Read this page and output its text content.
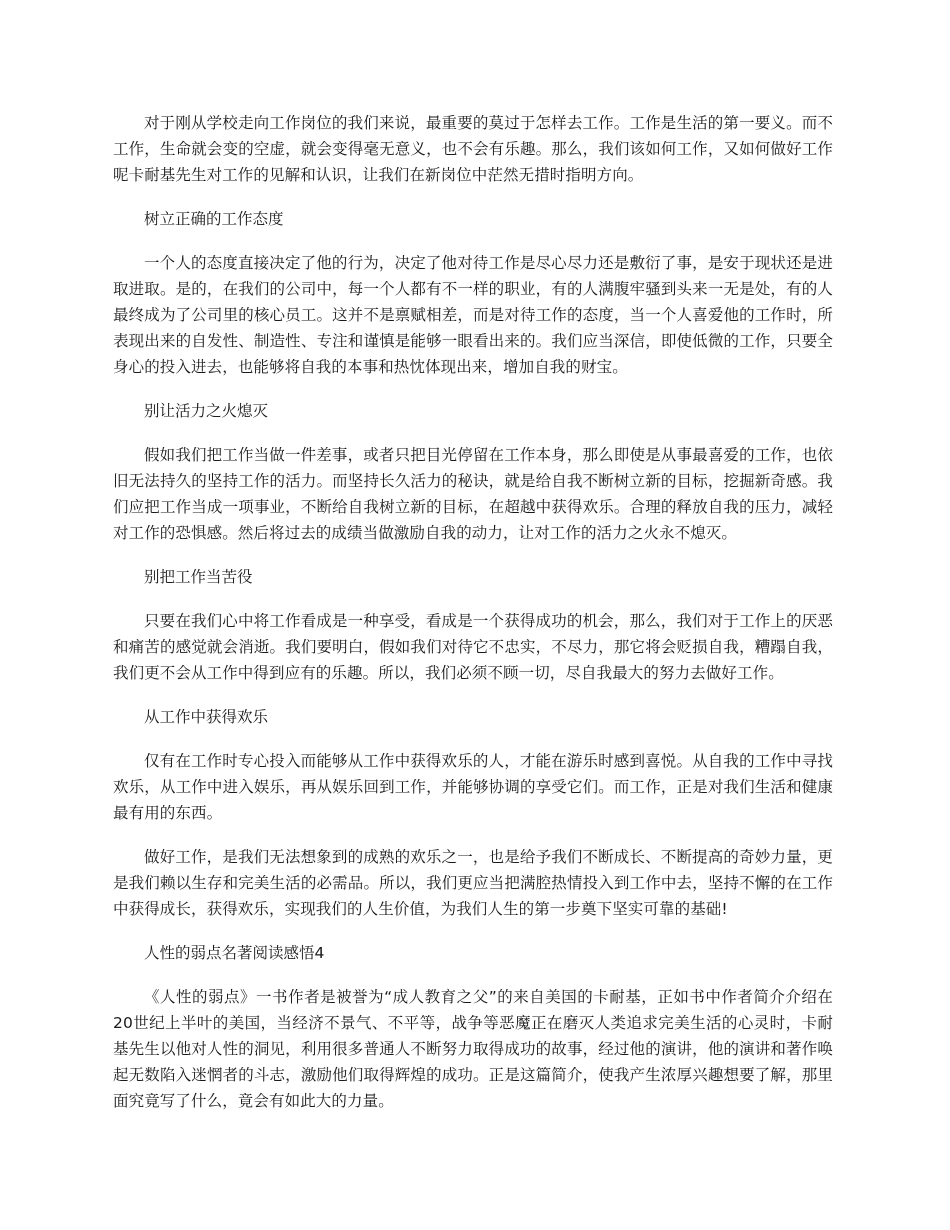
对于刚从学校走向工作岗位的我们来说，最重要的莫过于怎样去工作。工作是生活的第一要义。而不工作，生命就会变的空虚，就会变得毫无意义，也不会有乐趣。那么，我们该如何工作，又如何做好工作呢卡耐基先生对工作的见解和认识，让我们在新岗位中茫然无措时指明方向。

树立正确的工作态度

一个人的态度直接决定了他的行为，决定了他对待工作是尽心尽力还是敷衍了事，是安于现状还是进取进取。是的，在我们的公司中，每一个人都有不一样的职业，有的人满腹牢骚到头来一无是处，有的人最终成为了公司里的核心员工。这并不是禀赋相差，而是对待工作的态度，当一个人喜爱他的工作时，所表现出来的自发性、制造性、专注和谨慎是能够一眼看出来的。我们应当深信，即使低微的工作，只要全身心的投入进去，也能够将自我的本事和热忱体现出来，增加自我的财宝。

别让活力之火熄灭

假如我们把工作当做一件差事，或者只把目光停留在工作本身，那么即使是从事最喜爱的工作，也依旧无法持久的坚持工作的活力。而坚持长久活力的秘诀，就是给自我不断树立新的目标，挖掘新奇感。我们应把工作当成一项事业，不断给自我树立新的目标，在超越中获得欢乐。合理的释放自我的压力，减轻对工作的恐惧感。然后将过去的成绩当做激励自我的动力，让对工作的活力之火永不熄灭。

别把工作当苦役

只要在我们心中将工作看成是一种享受，看成是一个获得成功的机会，那么，我们对于工作上的厌恶和痛苦的感觉就会消逝。我们要明白，假如我们对待它不忠实，不尽力，那它将会贬损自我，糟蹋自我，我们更不会从工作中得到应有的乐趣。所以，我们必须不顾一切，尽自我最大的努力去做好工作。

从工作中获得欢乐

仅有在工作时专心投入而能够从工作中获得欢乐的人，才能在游乐时感到喜悦。从自我的工作中寻找欢乐，从工作中进入娱乐，再从娱乐回到工作，并能够协调的享受它们。而工作，正是对我们生活和健康最有用的东西。

做好工作，是我们无法想象到的成熟的欢乐之一，也是给予我们不断成长、不断提高的奇妙力量，更是我们赖以生存和完美生活的必需品。所以，我们更应当把满腔热情投入到工作中去，坚持不懈的在工作中获得成长，获得欢乐，实现我们的人生价值，为我们人生的第一步奠下坚实可靠的基础!

人性的弱点名著阅读感悟4

《人性的弱点》一书作者是被誉为“成人教育之父”的来自美国的卡耐基，正如书中作者简介介绍在20世纪上半叶的美国，当经济不景气、不平等，战争等恶魔正在磨灭人类追求完美生活的心灵时，卡耐基先生以他对人性的洞见，利用很多普通人不断努力取得成功的故事，经过他的演讲，他的演讲和著作唤起无数陷入迷惘者的斗志，激励他们取得辉煌的成功。正是这篇简介，使我产生浓厚兴趣想要了解，那里面究竟写了什么，竟会有如此大的力量。
